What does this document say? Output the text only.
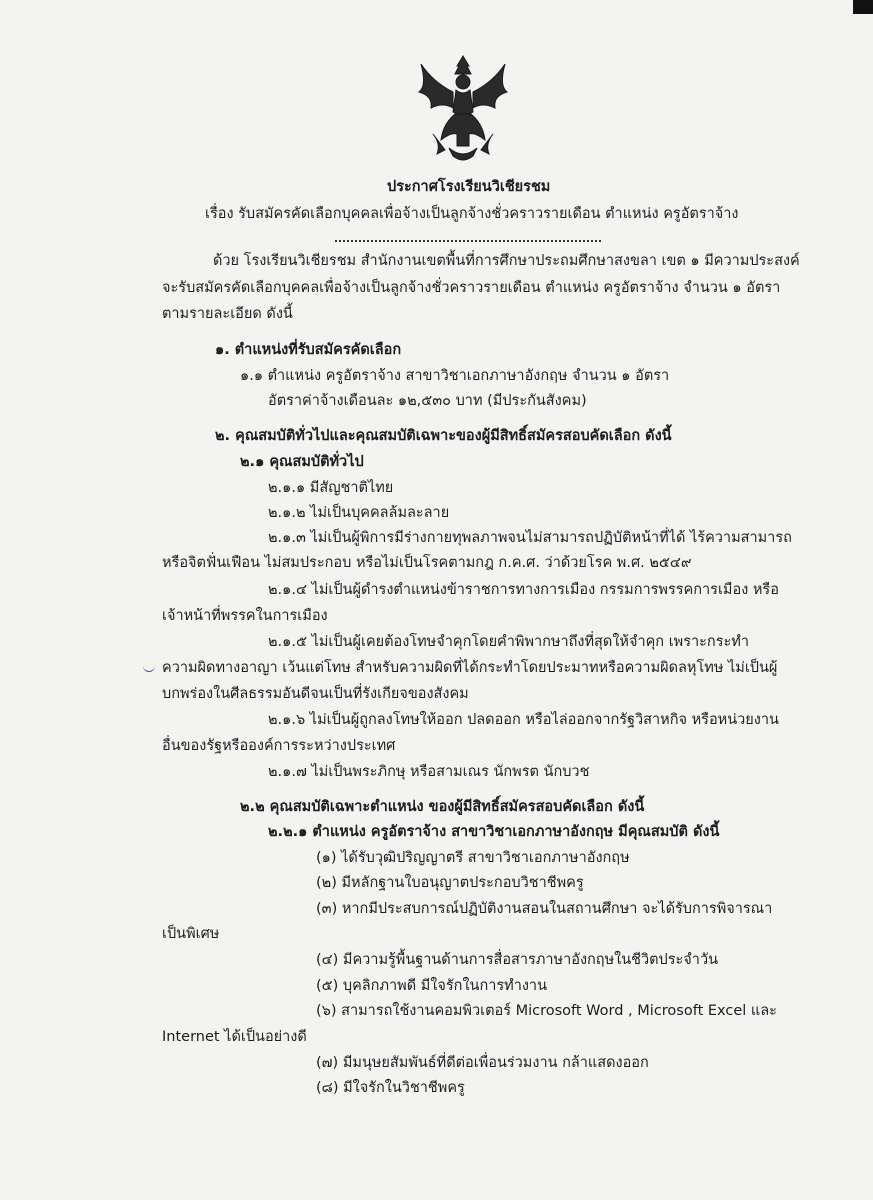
ประกาศโรงเรียนวิเชียรชม
เรื่อง รับสมัครคัดเลือกบุคคลเพื่อจ้างเป็นลูกจ้างชั่วคราวรายเดือน ตำแหน่ง ครูอัตราจ้าง
ด้วย โรงเรียนวิเชียรชม สำนักงานเขตพื้นที่การศึกษาประถมศึกษาสงขลา เขต ๑ มีความประสงค์
จะรับสมัครคัดเลือกบุคคลเพื่อจ้างเป็นลูกจ้างชั่วคราวรายเดือน ตำแหน่ง ครูอัตราจ้าง จำนวน ๑ อัตรา
ตามรายละเอียด ดังนี้
๑. ตำแหน่งที่รับสมัครคัดเลือก
๑.๑ ตำแหน่ง ครูอัตราจ้าง สาขาวิชาเอกภาษาอังกฤษ จำนวน ๑ อัตรา
อัตราค่าจ้างเดือนละ ๑๒,๕๓๐ บาท (มีประกันสังคม)
๒. คุณสมบัติทั่วไปและคุณสมบัติเฉพาะของผู้มีสิทธิ์สมัครสอบคัดเลือก ดังนี้
๒.๑ คุณสมบัติทั่วไป
๒.๑.๑ มีสัญชาติไทย
๒.๑.๒ ไม่เป็นบุคคลล้มละลาย
๒.๑.๓ ไม่เป็นผู้พิการมีร่างกายทุพลภาพจนไม่สามารถปฏิบัติหน้าที่ได้ ไร้ความสามารถ
หรือจิตฟั่นเฟือน ไม่สมประกอบ หรือไม่เป็นโรคตามกฎ ก.ค.ศ. ว่าด้วยโรค พ.ศ. ๒๕๔๙
๒.๑.๔ ไม่เป็นผู้ดำรงตำแหน่งข้าราชการทางการเมือง กรรมการพรรคการเมือง หรือ
เจ้าหน้าที่พรรคในการเมือง
๒.๑.๕ ไม่เป็นผู้เคยต้องโทษจำคุกโดยคำพิพากษาถึงที่สุดให้จำคุก เพราะกระทำ
ความผิดทางอาญา เว้นแต่โทษ สำหรับความผิดที่ได้กระทำโดยประมาทหรือความผิดลหุโทษ ไม่เป็นผู้
บกพร่องในศีลธรรมอันดีจนเป็นที่รังเกียจของสังคม
๒.๑.๖ ไม่เป็นผู้ถูกลงโทษให้ออก ปลดออก หรือไล่ออกจากรัฐวิสาหกิจ หรือหน่วยงาน
อื่นของรัฐหรือองค์การระหว่างประเทศ
๒.๑.๗ ไม่เป็นพระภิกษุ หรือสามเณร นักพรต นักบวช
๒.๒ คุณสมบัติเฉพาะตำแหน่ง ของผู้มีสิทธิ์สมัครสอบคัดเลือก ดังนี้
๒.๒.๑ ตำแหน่ง ครูอัตราจ้าง สาขาวิชาเอกภาษาอังกฤษ มีคุณสมบัติ ดังนี้
(๑) ได้รับวุฒิปริญญาตรี สาขาวิชาเอกภาษาอังกฤษ
(๒) มีหลักฐานใบอนุญาตประกอบวิชาชีพครู
(๓) หากมีประสบการณ์ปฏิบัติงานสอนในสถานศึกษา จะได้รับการพิจารณา
เป็นพิเศษ
(๔) มีความรู้พื้นฐานด้านการสื่อสารภาษาอังกฤษในชีวิตประจำวัน
(๕) บุคลิกภาพดี มีใจรักในการทำงาน
(๖) สามารถใช้งานคอมพิวเตอร์ Microsoft Word , Microsoft Excel และ
Internet ได้เป็นอย่างดี
(๗) มีมนุษยสัมพันธ์ที่ดีต่อเพื่อนร่วมงาน กล้าแสดงออก
(๘) มีใจรักในวิชาชีพครู
